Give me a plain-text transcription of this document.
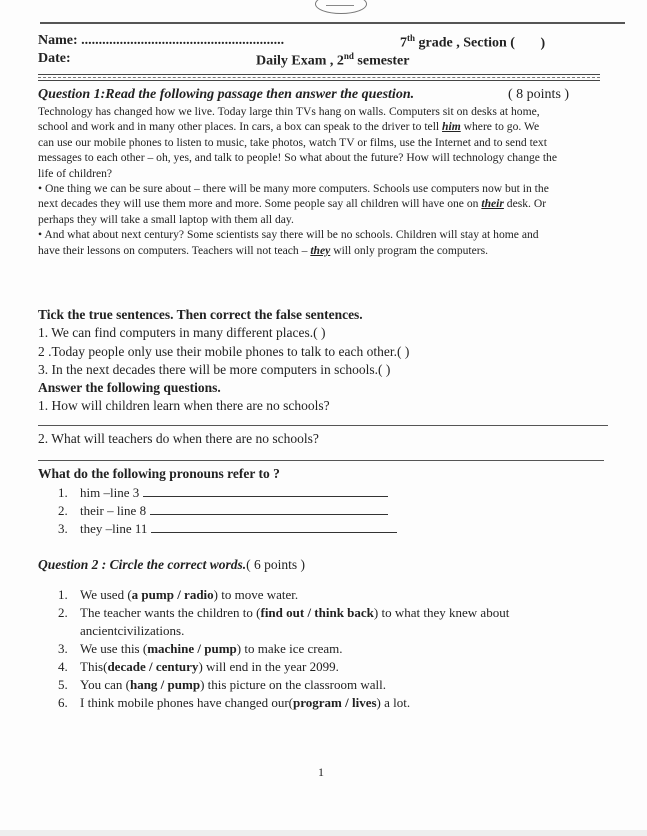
Name: ..........................................................	7th grade , Section ( )
Date:	Daily Exam , 2nd semester
Question 1:Read the following passage then answer the question.	( 8 points )

Technology has changed how we live. Today large thin TVs hang on walls. Computers sit on desks at home, school and work and in many other places. In cars, a box can speak to the driver to tell him where to go. We can use our mobile phones to listen to music, take photos, watch TV or films, use the Internet and to send text messages to each other – oh, yes, and talk to people! So what about the future? How will technology change the life of children?

• One thing we can be sure about – there will be many more computers. Schools use computers now but in the next decades they will use them more and more. Some people say all children will have one on their desk. Or perhaps they will take a small laptop with them all day.

• And what about next century? Some scientists say there will be no schools. Children will stay at home and have their lessons on computers. Teachers will not teach – they will only program the computers.

Tick the true sentences. Then correct the false sentences.
1. We can find computers in many different places.( )
2 .Today people only use their mobile phones to talk to each other.( )
3. In the next decades there will be more computers in schools.( )
Answer the following questions.
1. How will children learn when there are no schools?
2. What will teachers do when there are no schools?
What do the following pronouns refer to ?
1. him –line 3
2. their – line 8
3. they –line 11
Question 2 : Circle the correct words.( 6 points )
1. We used (a pump / radio) to move water.
2. The teacher wants the children to (find out / think back) to what they knew about ancientcivilizations.
3. We use this (machine / pump) to make ice cream.
4. This(decade / century) will end in the year 2099.
5. You can (hang / pump) this picture on the classroom wall.
6. I think mobile phones have changed our(program / lives) a lot.
1
